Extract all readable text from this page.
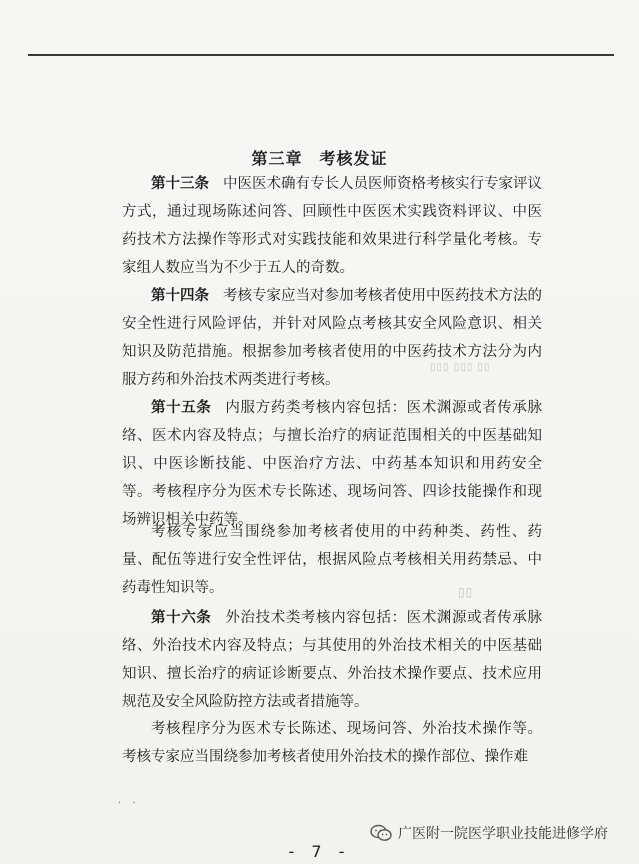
第三章　考核发证
第十三条 中医医术确有专长人员医师资格考核实行专家评议方式，通过现场陈述问答、回顾性中医医术实践资料评议、中医药技术方法操作等形式对实践技能和效果进行科学量化考核。专家组人数应当为不少于五人的奇数。
第十四条 考核专家应当对参加考核者使用中医药技术方法的安全性进行风险评估，并针对风险点考核其安全风险意识、相关知识及防范措施。根据参加考核者使用的中医药技术方法分为内服方药和外治技术两类进行考核。
▯▯▯ ▯▯▯ ▯▯
第十五条 内服方药类考核内容包括：医术渊源或者传承脉络、医术内容及特点；与擅长治疗的病证范围相关的中医基础知识、中医诊断技能、中医治疗方法、中药基本知识和用药安全等。考核程序分为医术专长陈述、现场问答、四诊技能操作和现场辨识相关中药等。
考核专家应当围绕参加考核者使用的中药种类、药性、药量、配伍等进行安全性评估，根据风险点考核相关用药禁忌、中药毒性知识等。	▯▯
第十六条 外治技术类考核内容包括：医术渊源或者传承脉络、外治技术内容及特点；与其使用的外治技术相关的中医基础知识、擅长治疗的病证诊断要点、外治技术操作要点、技术应用规范及安全风险防控方法或者措施等。
考核程序分为医术专长陈述、现场问答、外治技术操作等。考核专家应当围绕参加考核者使用外治技术的操作部位、操作难
· ·
广医附一院医学职业技能进修学府
- 7 -
